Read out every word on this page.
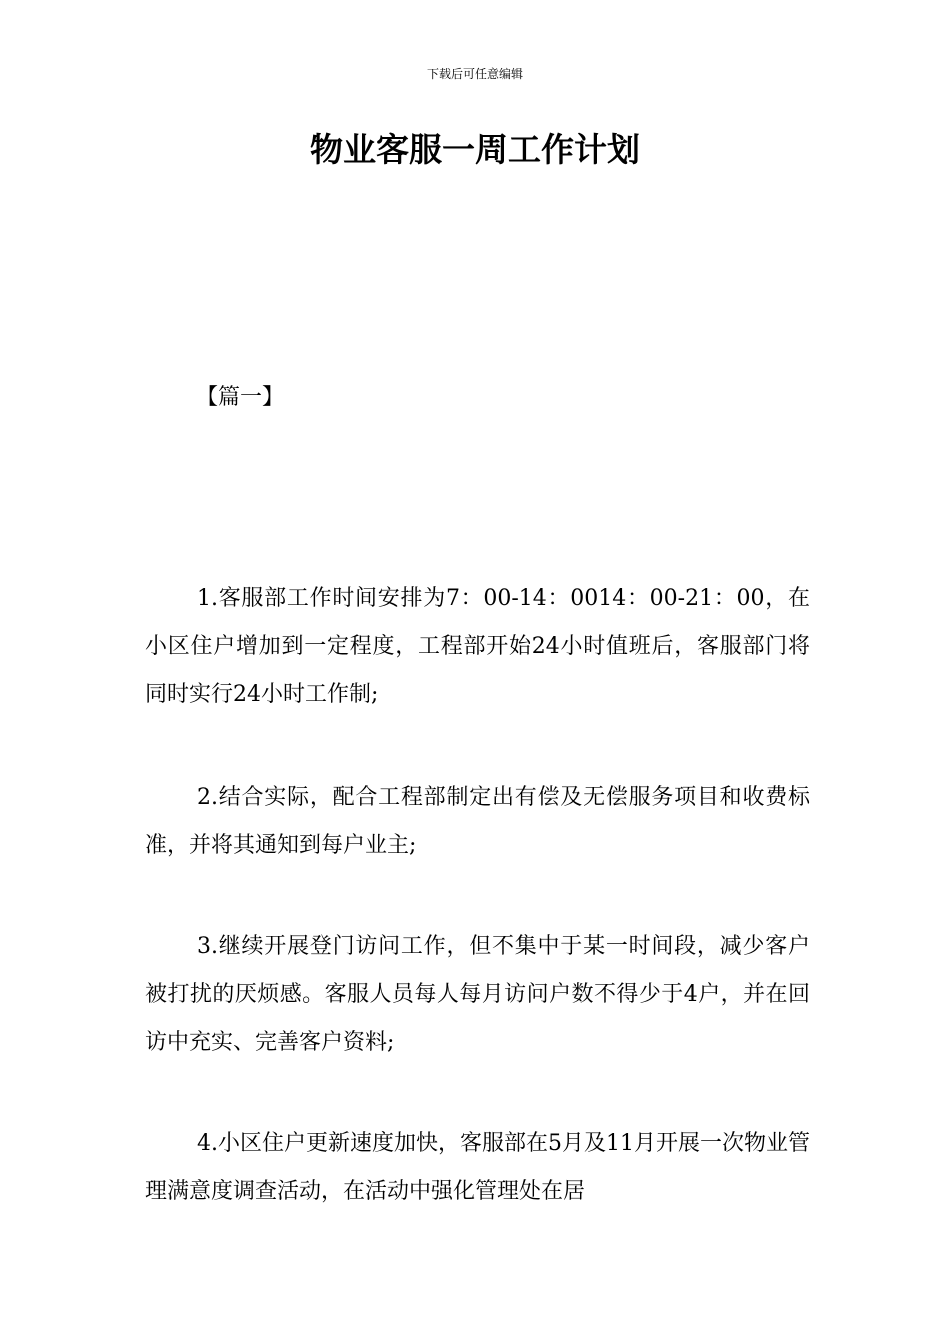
下载后可任意编辑
物业客服一周工作计划
【篇一】

1.客服部工作时间安排为7：00-14：0014：00-21：00，在小区住户增加到一定程度，工程部开始24小时值班后，客服部门将同时实行24小时工作制;

2.结合实际，配合工程部制定出有偿及无偿服务项目和收费标准，并将其通知到每户业主;

3.继续开展登门访问工作，但不集中于某一时间段，减少客户被打扰的厌烦感。客服人员每人每月访问户数不得少于4户，并在回访中充实、完善客户资料;

4.小区住户更新速度加快，客服部在5月及11月开展一次物业管理满意度调查活动，在活动中强化管理处在居
